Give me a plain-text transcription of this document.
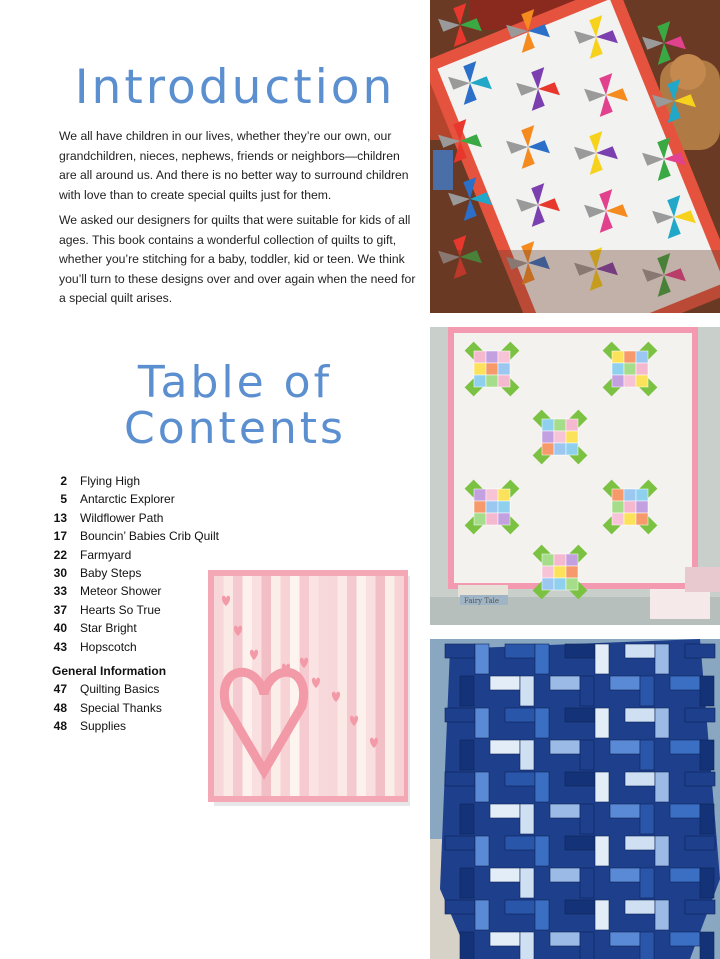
Introduction

We all have children in our lives, whether they’re our own, our grandchildren, nieces, nephews, friends or neighbors—children are all around us. And there is no better way to surround children with love than to create special quilts just for them.

We asked our designers for quilts that were suitable for kids of all ages. This book contains a wonderful collection of quilts to gift, whether you’re stitching for a baby, toddler, kid or teen. We think you’ll turn to these designs over and over again when the need for a special quilt arises.

Table of
Contents
2 Flying High
5 Antarctic Explorer
13 Wildflower Path
17 Bouncin’ Babies Crib Quilt
22 Farmyard
30 Baby Steps
33 Meteor Shower
37 Hearts So True
40 Star Bright
43 Hopscotch
General Information
47 Quilting Basics
48 Special Thanks
48 Supplies
Fairy Tale
